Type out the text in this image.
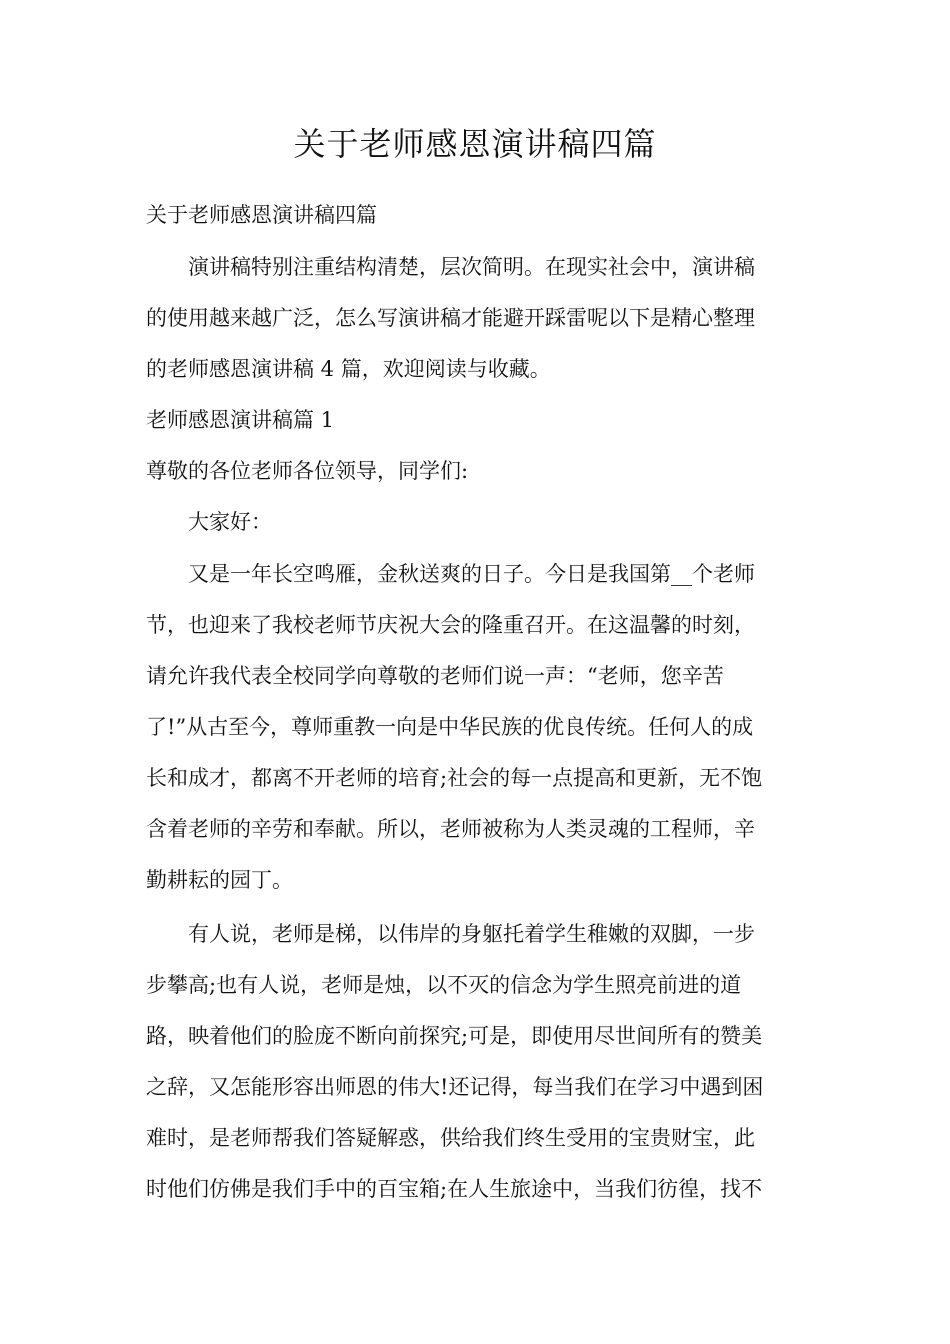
关于老师感恩演讲稿四篇
关于老师感恩演讲稿四篇
演讲稿特别注重结构清楚，层次简明。在现实社会中，演讲稿
的使用越来越广泛，怎么写演讲稿才能避开踩雷呢以下是精心整理
的老师感恩演讲稿 4 篇，欢迎阅读与收藏。
老师感恩演讲稿篇 1
尊敬的各位老师各位领导，同学们:
大家好：
又是一年长空鸣雁，金秋送爽的日子。今日是我国第__个老师
节，也迎来了我校老师节庆祝大会的隆重召开。在这温馨的时刻，
请允许我代表全校同学向尊敬的老师们说一声：“老师，您辛苦
了!”从古至今，尊师重教一向是中华民族的优良传统。任何人的成
长和成才，都离不开老师的培育;社会的每一点提高和更新，无不饱
含着老师的辛劳和奉献。所以，老师被称为人类灵魂的工程师，辛
勤耕耘的园丁。
有人说，老师是梯，以伟岸的身躯托着学生稚嫩的双脚，一步
步攀高;也有人说，老师是烛，以不灭的信念为学生照亮前进的道
路，映着他们的脸庞不断向前探究;可是，即使用尽世间所有的赞美
之辞，又怎能形容出师恩的伟大!还记得，每当我们在学习中遇到困
难时，是老师帮我们答疑解惑，供给我们终生受用的宝贵财宝，此
时他们仿佛是我们手中的百宝箱;在人生旅途中，当我们彷徨，找不
